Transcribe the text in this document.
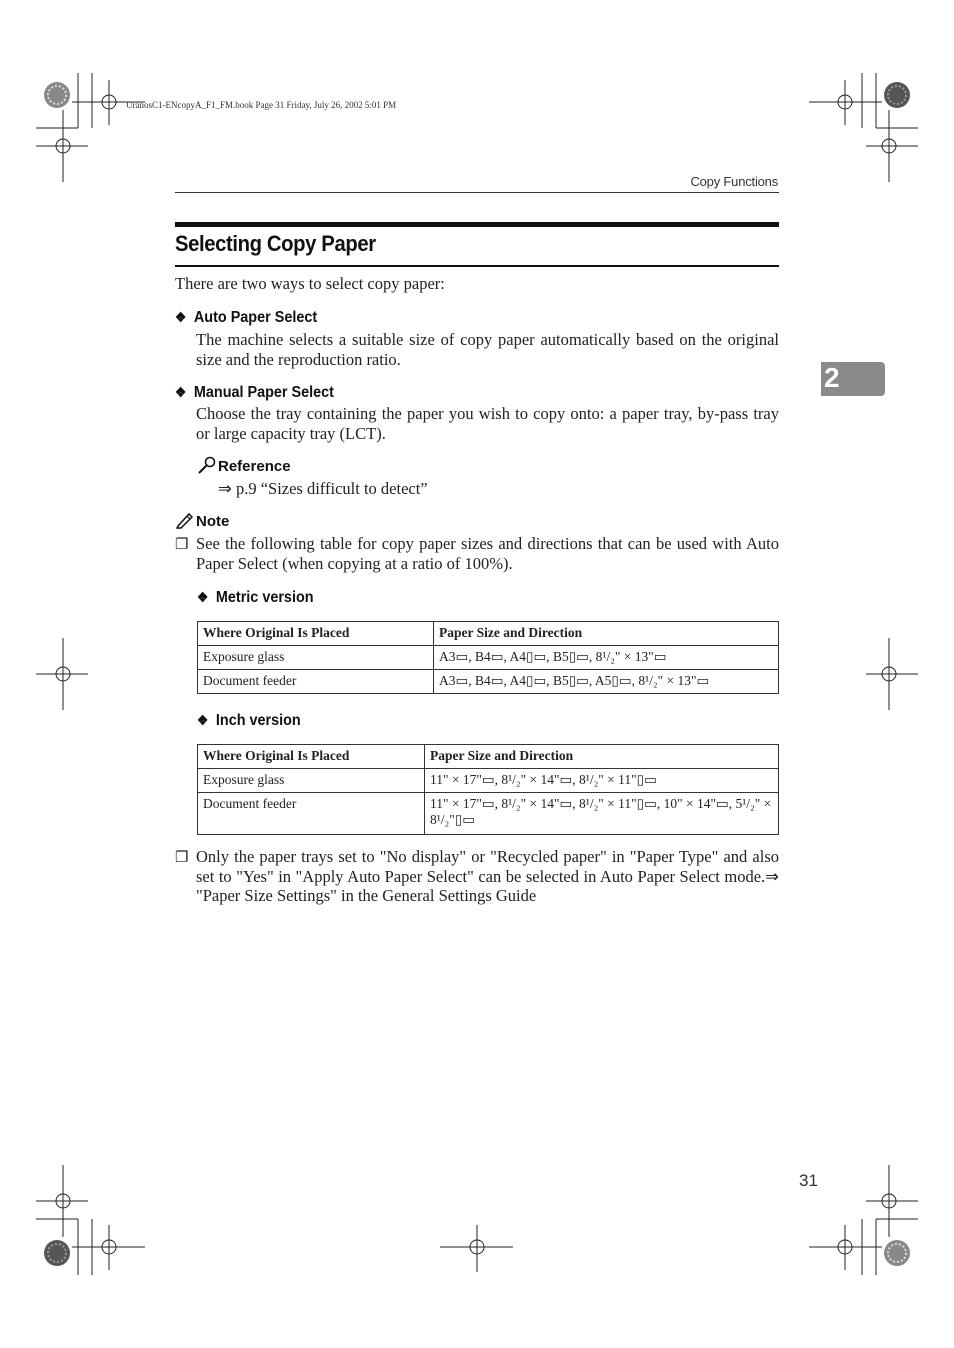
UranosC1-ENcopyA_F1_FM.book Page 31 Friday, July 26, 2002 5:01 PM
Copy Functions
Selecting Copy Paper
There are two ways to select copy paper:
❖ Auto Paper Select
The machine selects a suitable size of copy paper automatically based on the original size and the reproduction ratio.
❖ Manual Paper Select
Choose the tray containing the paper you wish to copy onto: a paper tray, by-pass tray or large capacity tray (LCT).
Reference
⇒ p.9 “Sizes difficult to detect”
Note
❐ See the following table for copy paper sizes and directions that can be used with Auto Paper Select (when copying at a ratio of 100%).
❖ Metric version
Where Original Is Placed	Paper Size and Direction
Exposure glass	A3▭, B4▭, A4▯▭, B5▯▭, 8¹/₂" × 13"▭
Document feeder	A3▭, B4▭, A4▯▭, B5▯▭, A5▯▭, 8¹/₂" × 13"▭
❖ Inch version
Where Original Is Placed	Paper Size and Direction
Exposure glass	11" × 17"▭, 8¹/₂" × 14"▭, 8¹/₂" × 11"▯▭
Document feeder	11" × 17"▭, 8¹/₂" × 14"▭, 8¹/₂" × 11"▯▭, 10" × 14"▭, 5¹/₂" × 8¹/₂"▯▭
❐ Only the paper trays set to "No display" or "Recycled paper" in "Paper Type" and also set to "Yes" in "Apply Auto Paper Select" can be selected in Auto Paper Select mode.⇒ "Paper Size Settings" in the General Settings Guide
2
31
